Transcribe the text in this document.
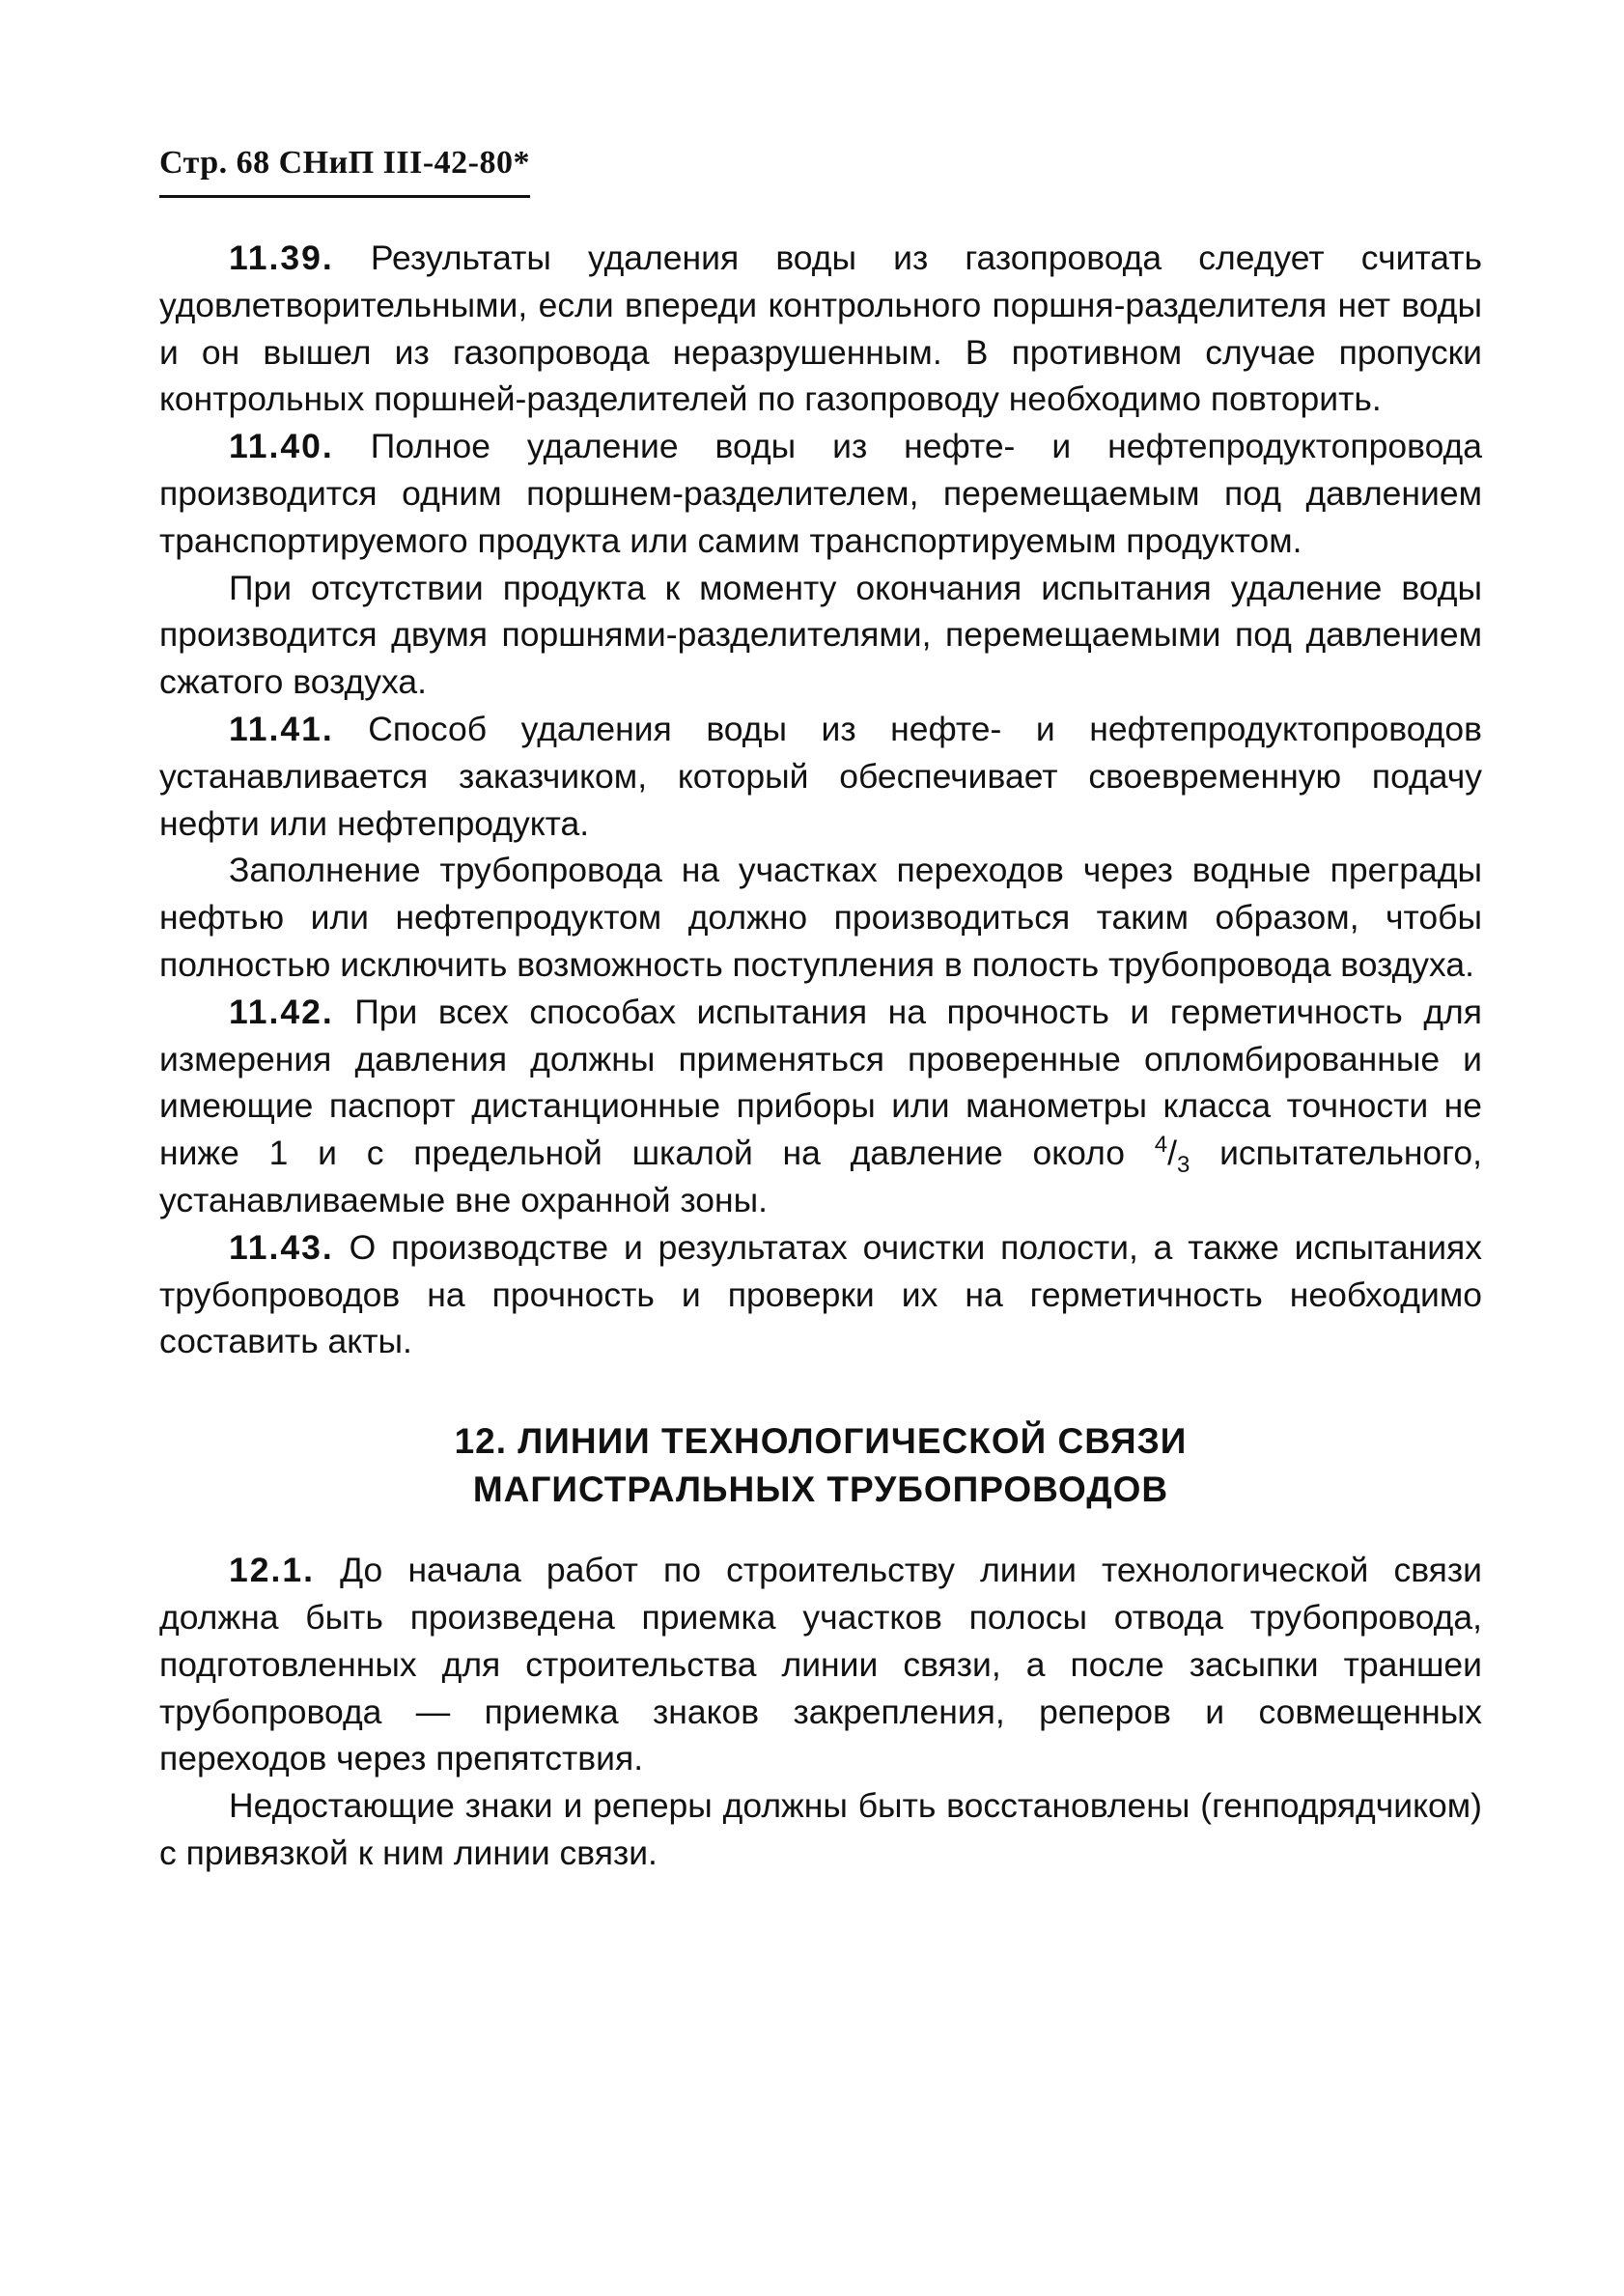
Стр. 68 СНиП III-42-80*

11.39. Результаты удаления воды из газопровода следует считать удовлетворительными, если впереди контрольного поршня-разделителя нет воды и он вышел из газопровода неразрушенным. В противном случае пропуски контрольных поршней-разделителей по газопроводу необходимо повторить.

11.40. Полное удаление воды из нефте- и нефтепродуктопровода производится одним поршнем-разделителем, перемещаемым под давлением транспортируемого продукта или самим транспортируемым продуктом.

При отсутствии продукта к моменту окончания испытания удаление воды производится двумя поршнями-разделителями, перемещаемыми под давлением сжатого воздуха.

11.41. Способ удаления воды из нефте- и нефтепродуктопроводов устанавливается заказчиком, который обеспечивает своевременную подачу нефти или нефтепродукта.

Заполнение трубопровода на участках переходов через водные преграды нефтью или нефтепродуктом должно производиться таким образом, чтобы полностью исключить возможность поступления в полость трубопровода воздуха.

11.42. При всех способах испытания на прочность и герметичность для измерения давления должны применяться проверенные опломбированные и имеющие паспорт дистанционные приборы или манометры класса точности не ниже 1 и с предельной шкалой на давление около $^4/_3$ испытательного, устанавливаемые вне охранной зоны.

11.43. О производстве и результатах очистки полости, а также испытаниях трубопроводов на прочность и проверки их на герметичность необходимо составить акты.

12. ЛИНИИ ТЕХНОЛОГИЧЕСКОЙ СВЯЗИ
МАГИСТРАЛЬНЫХ ТРУБОПРОВОДОВ

12.1. До начала работ по строительству линии технологической связи должна быть произведена приемка участков полосы отвода трубопровода, подготовленных для строительства линии связи, а после засыпки траншеи трубопровода — приемка знаков закрепления, реперов и совмещенных переходов через препятствия.

Недостающие знаки и реперы должны быть восстановлены (генподрядчиком) с привязкой к ним линии связи.
